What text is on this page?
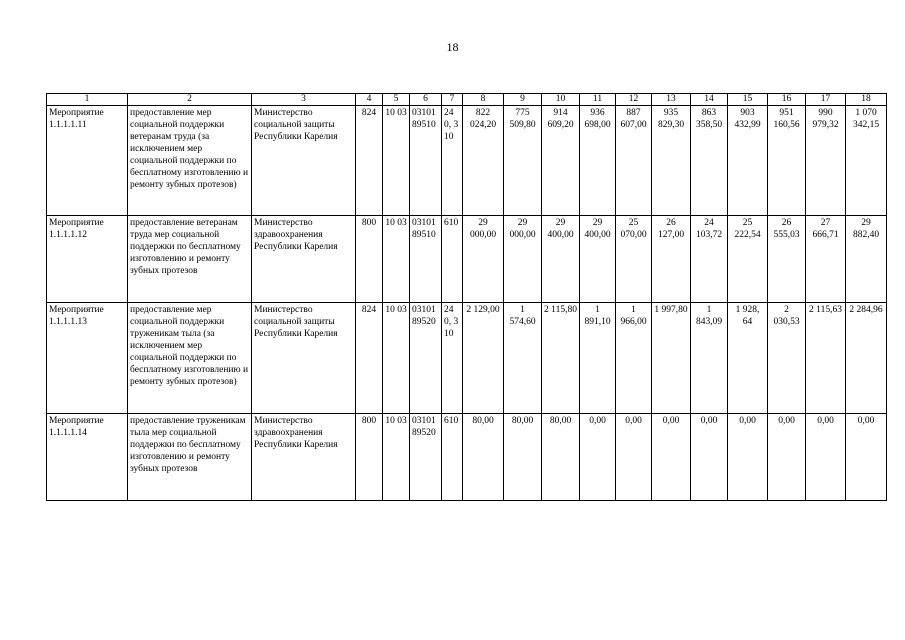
18
1	2	3	4	5	6	7	8	9	10	11	12	13	14	15	16	17	18
Мероприятие 1.1.1.1.11	предоставление мер социальной поддержки ветеранам труда (за исключением мер социальной поддержки по бесплатному изготовлению и ремонту зубных протезов)	Министерство социальной защиты Республики Карелия	824	10 03	0310189510	240, 310	822 024,20	775 509,80	914 609,20	936 698,00	887 607,00	935 829,30	863 358,50	903 432,99	951 160,56	990 979,32	1 070 342,15
Мероприятие 1.1.1.1.12	предоставление ветеранам труда мер социальной поддержки по бесплатному изготовлению и ремонту зубных протезов	Министерство здравоохранения Республики Карелия	800	10 03	0310189510	610	29 000,00	29 000,00	29 400,00	29 400,00	25 070,00	26 127,00	24 103,72	25 222,54	26 555,03	27 666,71	29 882,40
Мероприятие 1.1.1.1.13	предоставление мер социальной поддержки труженикам тыла (за исключением мер социальной поддержки по бесплатному изготовлению и ремонту зубных протезов)	Министерство социальной защиты Республики Карелия	824	10 03	0310189520	240, 310	2 129,00	1 574,60	2 115,80	1 891,10	1 966,00	1 997,80	1 843,09	1 928, 64	2 030,53	2 115,63	2 284,96
Мероприятие 1.1.1.1.14	предоставление труженикам тыла мер социальной поддержки по бесплатному изготовлению и ремонту зубных протезов	Министерство здравоохранения Республики Карелия	800	10 03	0310189520	610	80,00	80,00	80,00	0,00	0,00	0,00	0,00	0,00	0,00	0,00	0,00
